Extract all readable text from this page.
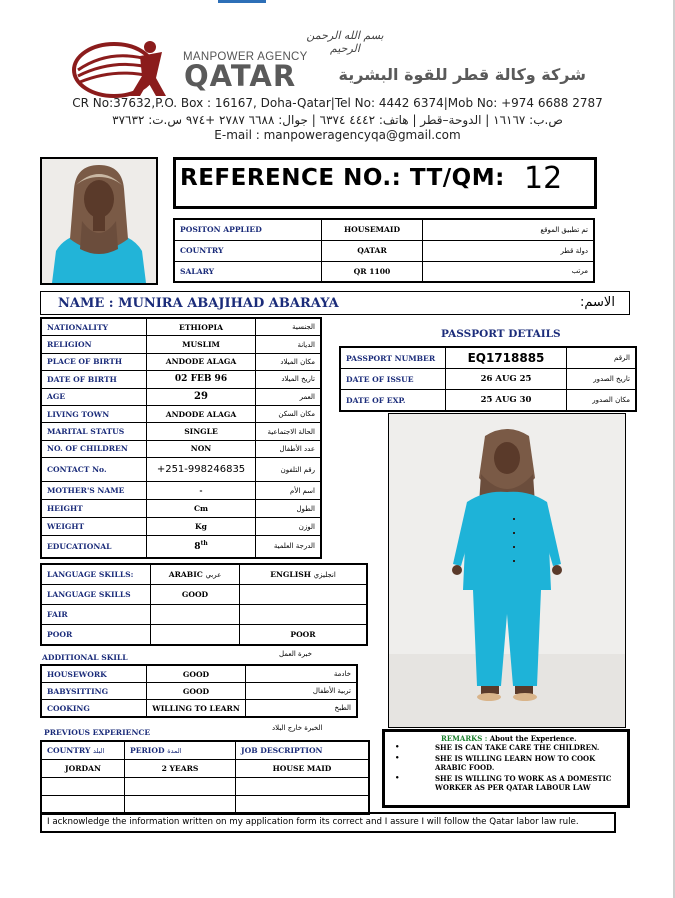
بسم الله الرحمن الرحيم
MANPOWER AGENCY
QATAR	شركة وكالة قطر للقوة البشرية
CR No:37632,P.O. Box : 16167, Doha-Qatar|Tel No: 4442 6374|Mob No: +974 6688 2787
ص.ب: ١٦١٦٧ | الدوحة–قطر | هاتف: ٤٤٤٢ ٦٣٧٤ | جوال: ٦٦٨٨ ٢٧٨٧ +٩٧٤ س.ت: ٣٧٦٣٢
E-mail : manpoweragencyqa@gmail.com
REFERENCE NO.: TT/QM: 12
POSITON APPLIED	HOUSEMAID	تم تطبيق الموقع
COUNTRY	QATAR	دولة قطر
SALARY	QR 1100	مرتب
NAME : MUNIRA ABAJIHAD ABARAYA	الاسم:
NATIONALITY	ETHIOPIA	الجنسية
RELIGION	MUSLIM	الديانة
PLACE OF BIRTH	ANDODE ALAGA	مكان الميلاد
DATE OF BIRTH	02 FEB 96	تاريخ الميلاد
AGE	29	العمر
LIVING TOWN	ANDODE ALAGA	مكان السكن
MARITAL STATUS	SINGLE	الحالة الاجتماعية
NO. OF CHILDREN	NON	عدد الأطفال
CONTACT No.	+251-998246835	رقم التلفون
MOTHER'S NAME	-	اسم الأم
HEIGHT	Cm	الطول
WEIGHT	Kg	الوزن
EDUCATIONAL	8th	الدرجة العلمية
PASSPORT DETAILS
PASSPORT NUMBER	EQ1718885	الرقم
DATE OF ISSUE	26 AUG 25	تاريخ الصدور
DATE OF EXP.	25 AUG 30	مكان الصدور
LANGUAGE SKILLS:	ARABIC عربي	ENGLISH انجليزي
LANGUAGE SKILLS	GOOD	
FAIR		
POOR		POOR
ADDITIONAL SKILL	خبرة العمل
HOUSEWORK	GOOD	خادمة
BABYSITTING	GOOD	تربية الأطفال
COOKING	WILLING TO LEARN	الطبخ
PREVIOUS EXPERIENCE	الخبرة خارج البلاد
COUNTRY البلد	PERIOD المدة	JOB DESCRIPTION
JORDAN	2 YEARS	HOUSE MAID

REMARKS : About the Experience.
•	SHE IS CAN TAKE CARE THE CHILDREN.
•	SHE IS WILLING LEARN HOW TO COOK ARABIC FOOD.
•	SHE IS WILLING TO WORK AS A DOMESTIC WORKER AS PER QATAR LABOUR LAW
I acknowledge the information written on my application form its correct and I assure I will follow the Qatar labor law rule.
